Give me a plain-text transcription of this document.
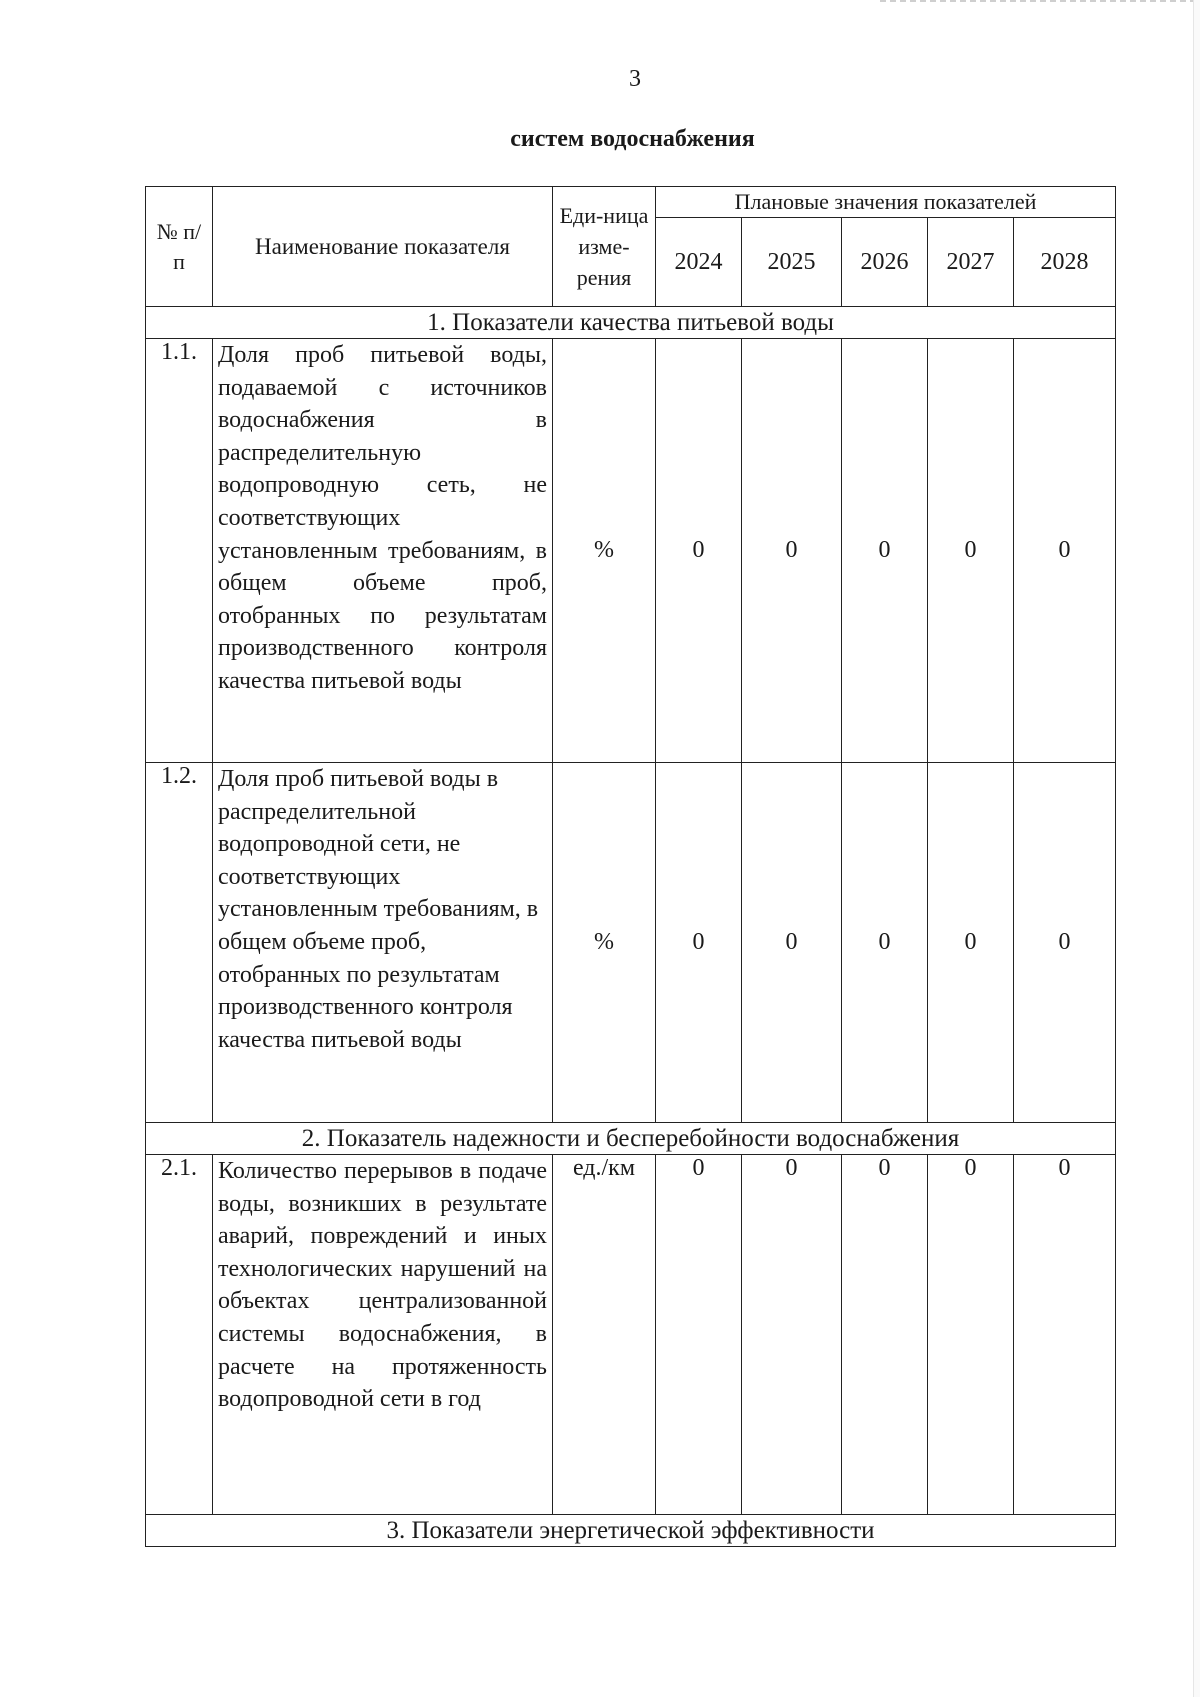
3
систем водоснабжения
№ п/п	Наименование показателя	Еди-ница изме-рения	Плановые значения показателей				
			2024	2025	2026	2027	2028
1. Показатели качества питьевой воды							
1.1.	Доля проб питьевой воды, подаваемой с источников водоснабжения в распределительную водопроводную сеть, не соответствующих установленным требованиям, в общем объеме проб, отобранных по результатам производственного контроля качества питьевой воды	%	0	0	0	0	0
1.2.	Доля проб питьевой воды в распределительной водопроводной сети, не соответствующих установленным требованиям, в общем объеме проб, отобранных по результатам производственного контроля качества питьевой воды	%	0	0	0	0	0
2. Показатель надежности и бесперебойности водоснабжения							
2.1.	Количество перерывов в подаче воды, возникших в результате аварий, повреждений и иных технологических нарушений на объектах централизованной системы водоснабжения, в расчете на протяженность водопроводной сети в год	ед./км	0	0	0	0	0
3. Показатели энергетической эффективности							
